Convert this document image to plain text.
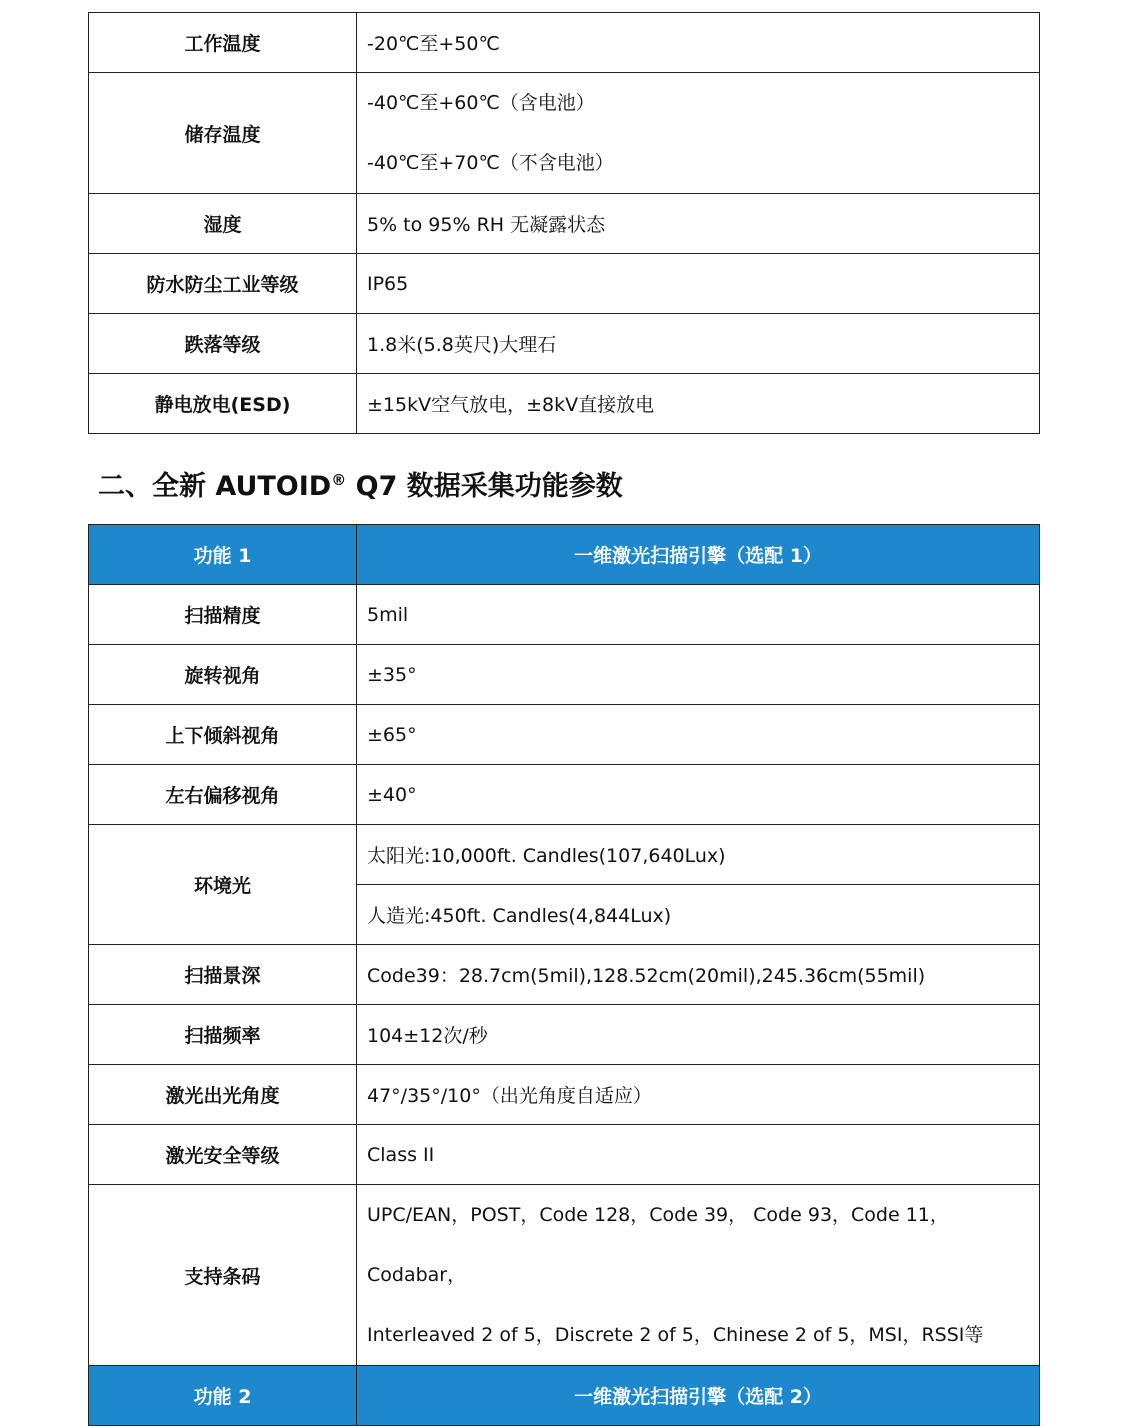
工作温度	-20℃至+50℃
储存温度	-40℃至+60℃（含电池）
-40℃至+70℃（不含电池）

湿度	5% to 95% RH 无凝露状态
防水防尘工业等级	IP65
跌落等级	1.8米(5.8英尺)大理石
静电放电(ESD)	±15kV空气放电，±8kV直接放电
二、全新 AUTOID® Q7 数据采集功能参数
功能 1	一维激光扫描引擎（选配 1）
扫描精度	5mil
旋转视角	±35°
上下倾斜视角	±65°
左右偏移视角	±40°
环境光	太阳光:10,000ft. Candles(107,640Lux)
	人造光:450ft. Candles(4,844Lux)
扫描景深	Code39：28.7cm(5mil),128.52cm(20mil),245.36cm(55mil)
扫描频率	104±12次/秒
激光出光角度	47°/35°/10°（出光角度自适应）
激光安全等级	Class II
支持条码	UPC/EAN，POST，Code 128，Code 39， Code 93，Code 11，Codabar，
Interleaved 2 of 5，Discrete 2 of 5，Chinese 2 of 5，MSI，RSSI等

功能 2	一维激光扫描引擎（选配 2）
